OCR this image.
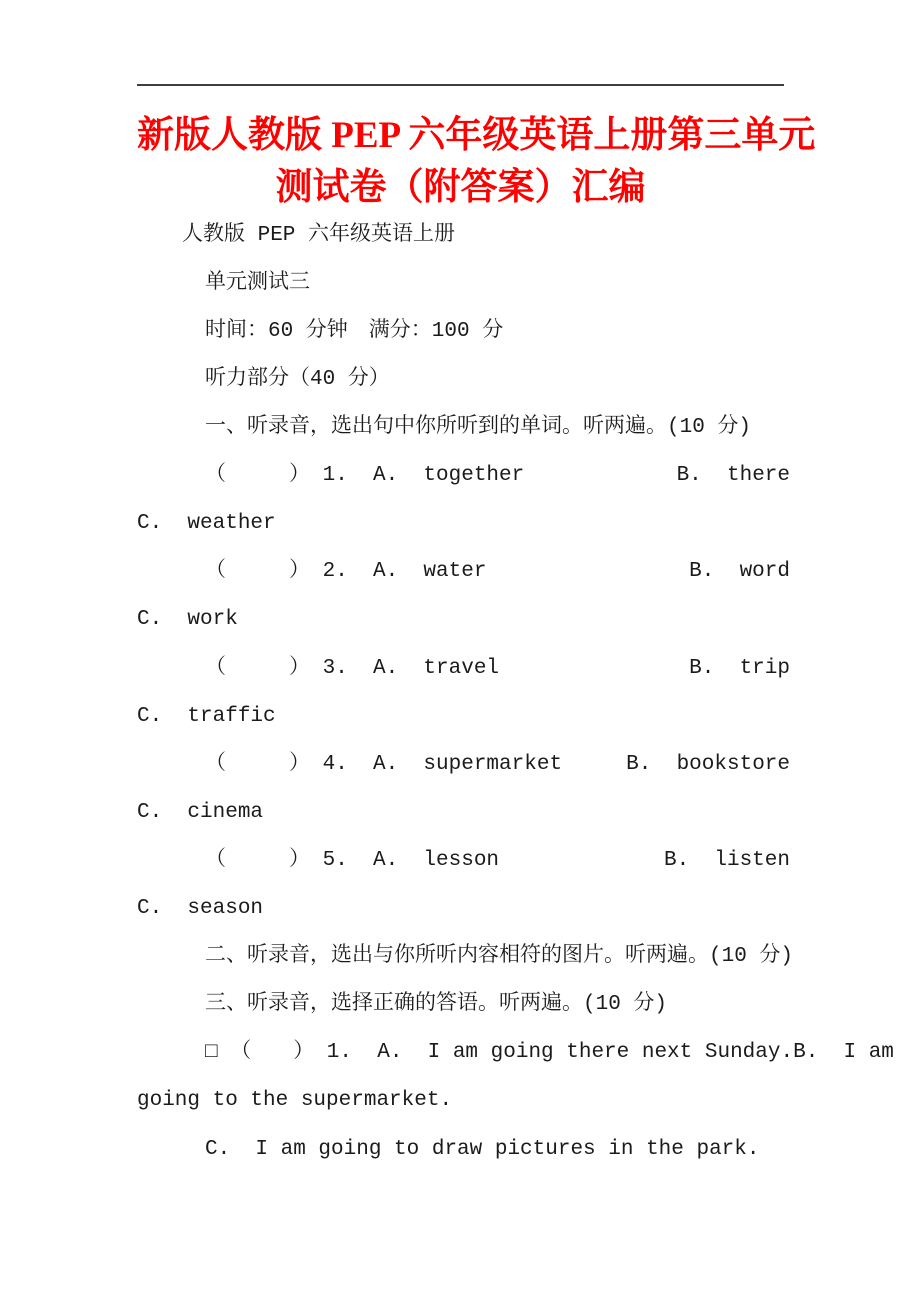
新版人教版 PEP 六年级英语上册第三单元
测试卷（附答案）汇编
人教版 PEP 六年级英语上册
单元测试三
时间：60 分钟　满分：100 分
听力部分（40 分）
一、听录音，选出句中你所听到的单词。听两遍。(10 分)
（　　　） 1.  A.  together	B.  there
C.  weather
（　　　） 2.  A.  water	B.  word
C.  work
（　　　） 3.  A.  travel	B.  trip
C.  traffic
（　　　） 4.  A.  supermarket	B.  bookstore
C.  cinema
（　　　） 5.  A.  lesson	B.  listen
C.  season
二、听录音，选出与你所听内容相符的图片。听两遍。(10 分)
三、听录音，选择正确的答语。听两遍。(10 分)
□ （　　） 1.  A.  I am going there next Sunday. B.  I am
going to the supermarket.
C.  I am going to draw pictures in the park.
